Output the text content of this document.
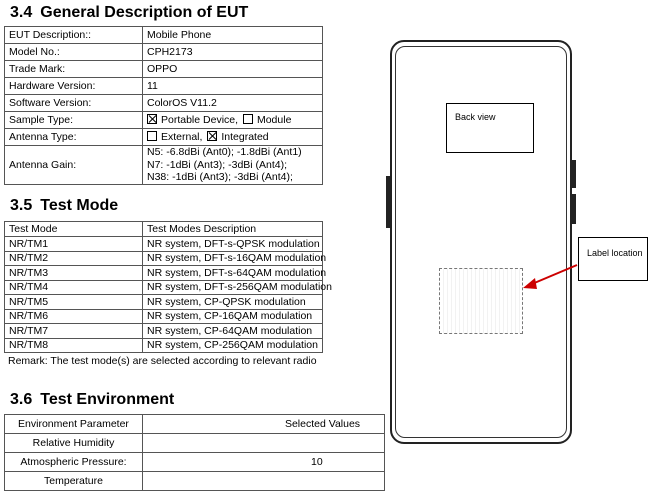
3.4 General Description of EUT
EUT Description::	Mobile Phone
Model No.:	CPH2173
Trade Mark:	OPPO
Hardware Version:	11
Software Version:	ColorOS V11.2
Sample Type:	Portable Device, Module
Antenna Type:	External, Integrated
Antenna Gain:	N5: -6.8dBi (Ant0); -1.8dBi (Ant1)
N7: -1dBi (Ant3); -3dBi (Ant4);
N38: -1dBi (Ant3); -3dBi (Ant4);
3.5 Test Mode
Test Mode	Test Modes Description
NR/TM1	NR system, DFT-s-QPSK modulation
NR/TM2	NR system, DFT-s-16QAM modulation
NR/TM3	NR system, DFT-s-64QAM modulation
NR/TM4	NR system, DFT-s-256QAM modulation
NR/TM5	NR system, CP-QPSK modulation
NR/TM6	NR system, CP-16QAM modulation
NR/TM7	NR system, CP-64QAM modulation
NR/TM8	NR system, CP-256QAM modulation
Remark: The test mode(s) are selected according to relevant radio
3.6 Test Environment
Environment Parameter	Selected Values
Relative Humidity	
Atmospheric Pressure:	10
Temperature	
Back view
Label location
